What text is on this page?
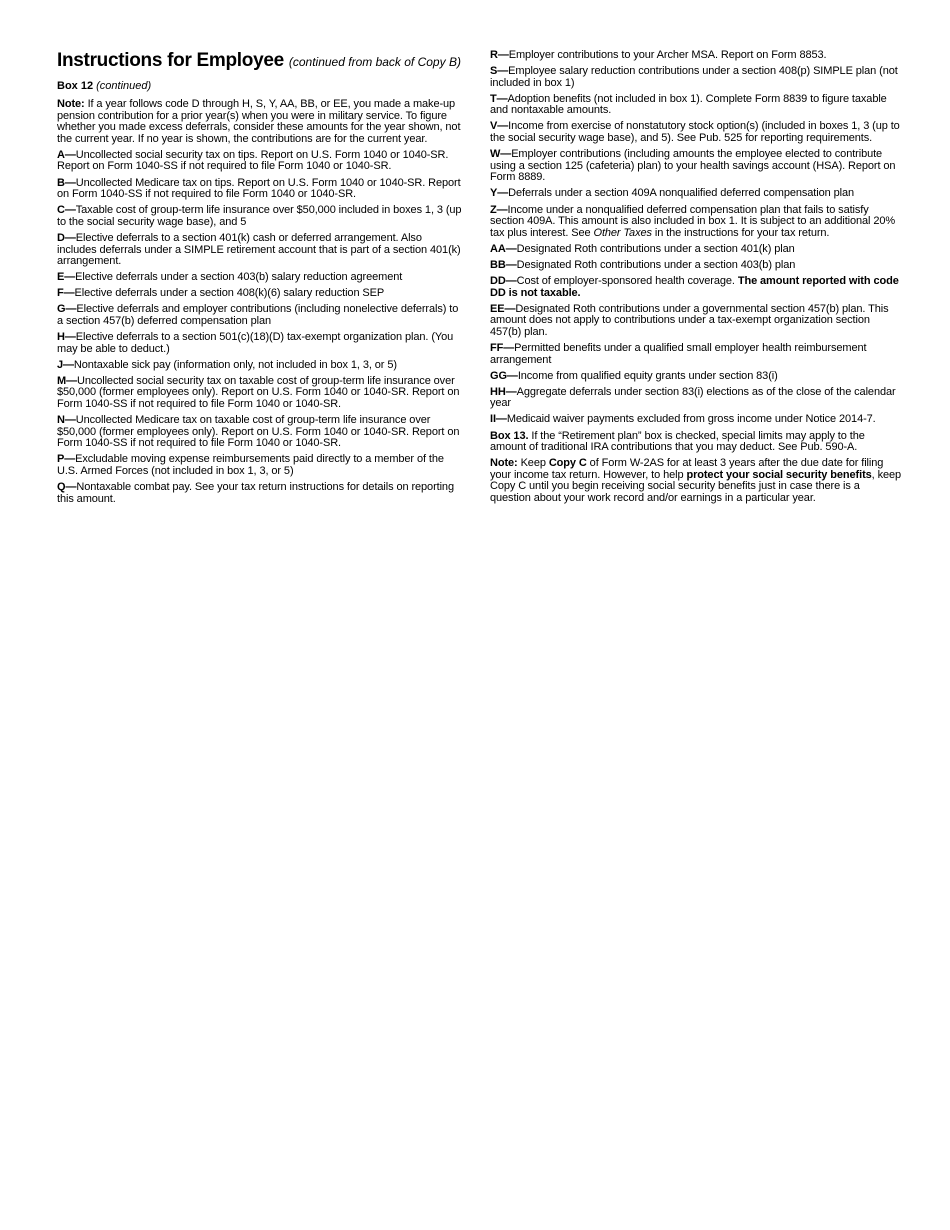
Instructions for Employee (continued from back of Copy B)

Box 12 (continued)

Note: If a year follows code D through H, S, Y, AA, BB, or EE, you made a make-up pension contribution for a prior year(s) when you were in military service. To figure whether you made excess deferrals, consider these amounts for the year shown, not the current year. If no year is shown, the contributions are for the current year.

A—Uncollected social security tax on tips. Report on U.S. Form 1040 or 1040-SR. Report on Form 1040-SS if not required to file Form 1040 or 1040-SR.

B—Uncollected Medicare tax on tips. Report on U.S. Form 1040 or 1040-SR. Report on Form 1040-SS if not required to file Form 1040 or 1040-SR.

C—Taxable cost of group-term life insurance over $50,000 included in boxes 1, 3 (up to the social security wage base), and 5

D—Elective deferrals to a section 401(k) cash or deferred arrangement. Also includes deferrals under a SIMPLE retirement account that is part of a section 401(k) arrangement.

E—Elective deferrals under a section 403(b) salary reduction agreement

F—Elective deferrals under a section 408(k)(6) salary reduction SEP

G—Elective deferrals and employer contributions (including nonelective deferrals) to a section 457(b) deferred compensation plan

H—Elective deferrals to a section 501(c)(18)(D) tax-exempt organization plan. (You may be able to deduct.)

J—Nontaxable sick pay (information only, not included in box 1, 3, or 5)

M—Uncollected social security tax on taxable cost of group-term life insurance over $50,000 (former employees only). Report on U.S. Form 1040 or 1040-SR. Report on Form 1040-SS if not required to file Form 1040 or 1040-SR.

N—Uncollected Medicare tax on taxable cost of group-term life insurance over $50,000 (former employees only). Report on U.S. Form 1040 or 1040-SR. Report on Form 1040-SS if not required to file Form 1040 or 1040-SR.

P—Excludable moving expense reimbursements paid directly to a member of the U.S. Armed Forces (not included in box 1, 3, or 5)

Q—Nontaxable combat pay. See your tax return instructions for details on reporting this amount.

R—Employer contributions to your Archer MSA. Report on Form 8853.

S—Employee salary reduction contributions under a section 408(p) SIMPLE plan (not included in box 1)

T—Adoption benefits (not included in box 1). Complete Form 8839 to figure taxable and nontaxable amounts.

V—Income from exercise of nonstatutory stock option(s) (included in boxes 1, 3 (up to the social security wage base), and 5). See Pub. 525 for reporting requirements.

W—Employer contributions (including amounts the employee elected to contribute using a section 125 (cafeteria) plan) to your health savings account (HSA). Report on Form 8889.

Y—Deferrals under a section 409A nonqualified deferred compensation plan

Z—Income under a nonqualified deferred compensation plan that fails to satisfy section 409A. This amount is also included in box 1. It is subject to an additional 20% tax plus interest. See Other Taxes in the instructions for your tax return.

AA—Designated Roth contributions under a section 401(k) plan

BB—Designated Roth contributions under a section 403(b) plan

DD—Cost of employer-sponsored health coverage. The amount reported with code DD is not taxable.

EE—Designated Roth contributions under a governmental section 457(b) plan. This amount does not apply to contributions under a tax-exempt organization section 457(b) plan.

FF—Permitted benefits under a qualified small employer health reimbursement arrangement

GG—Income from qualified equity grants under section 83(i)

HH—Aggregate deferrals under section 83(i) elections as of the close of the calendar year

II—Medicaid waiver payments excluded from gross income under Notice 2014-7.

Box 13. If the “Retirement plan” box is checked, special limits may apply to the amount of traditional IRA contributions that you may deduct. See Pub. 590-A.

Note: Keep Copy C of Form W-2AS for at least 3 years after the due date for filing your income tax return. However, to help protect your social security benefits, keep Copy C until you begin receiving social security benefits just in case there is a question about your work record and/or earnings in a particular year.
